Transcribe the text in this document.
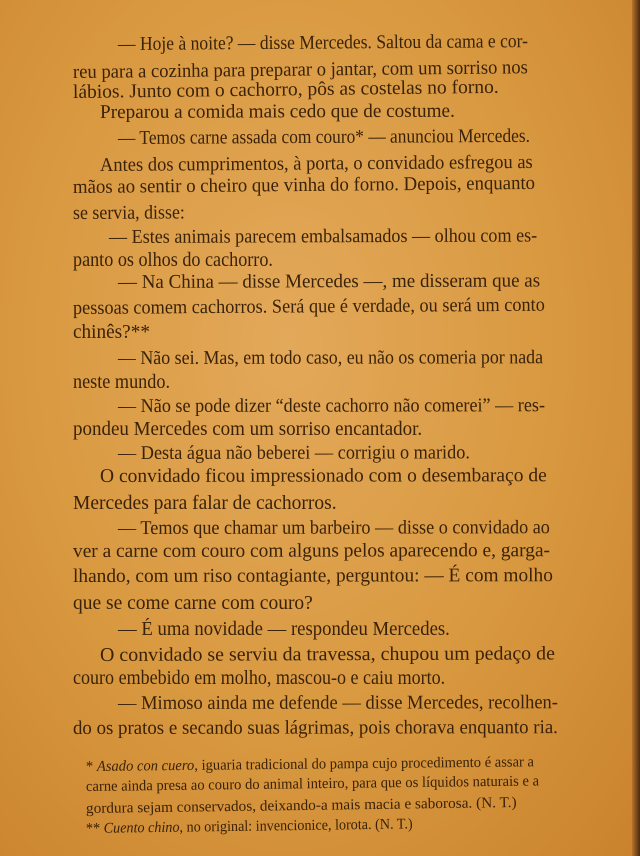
— Hoje à noite? — disse Mercedes. Saltou da cama e cor-
reu para a cozinha para preparar o jantar, com um sorriso nos
lábios. Junto com o cachorro, pôs as costelas no forno.
Preparou a comida mais cedo que de costume.
— Temos carne assada com couro* — anunciou Mercedes.
Antes dos cumprimentos, à porta, o convidado esfregou as
mãos ao sentir o cheiro que vinha do forno. Depois, enquanto
se servia, disse:
— Estes animais parecem embalsamados — olhou com es-
panto os olhos do cachorro.
— Na China — disse Mercedes —, me disseram que as
pessoas comem cachorros. Será que é verdade, ou será um conto
chinês?**
— Não sei. Mas, em todo caso, eu não os comeria por nada
neste mundo.
— Não se pode dizer “deste cachorro não comerei” — res-
pondeu Mercedes com um sorriso encantador.
— Desta água não beberei — corrigiu o marido.
O convidado ficou impressionado com o desembaraço de
Mercedes para falar de cachorros.
— Temos que chamar um barbeiro — disse o convidado ao
ver a carne com couro com alguns pelos aparecendo e, garga-
lhando, com um riso contagiante, perguntou: — É com molho
que se come carne com couro?
— É uma novidade — respondeu Mercedes.
O convidado se serviu da travessa, chupou um pedaço de
couro embebido em molho, mascou-o e caiu morto.
— Mimoso ainda me defende — disse Mercedes, recolhen-
do os pratos e secando suas lágrimas, pois chorava enquanto ria.
* Asado con cuero, iguaria tradicional do pampa cujo procedimento é assar a
carne ainda presa ao couro do animal inteiro, para que os líquidos naturais e a
gordura sejam conservados, deixando-a mais macia e saborosa. (N. T.)
** Cuento chino, no original: invencionice, lorota. (N. T.)
